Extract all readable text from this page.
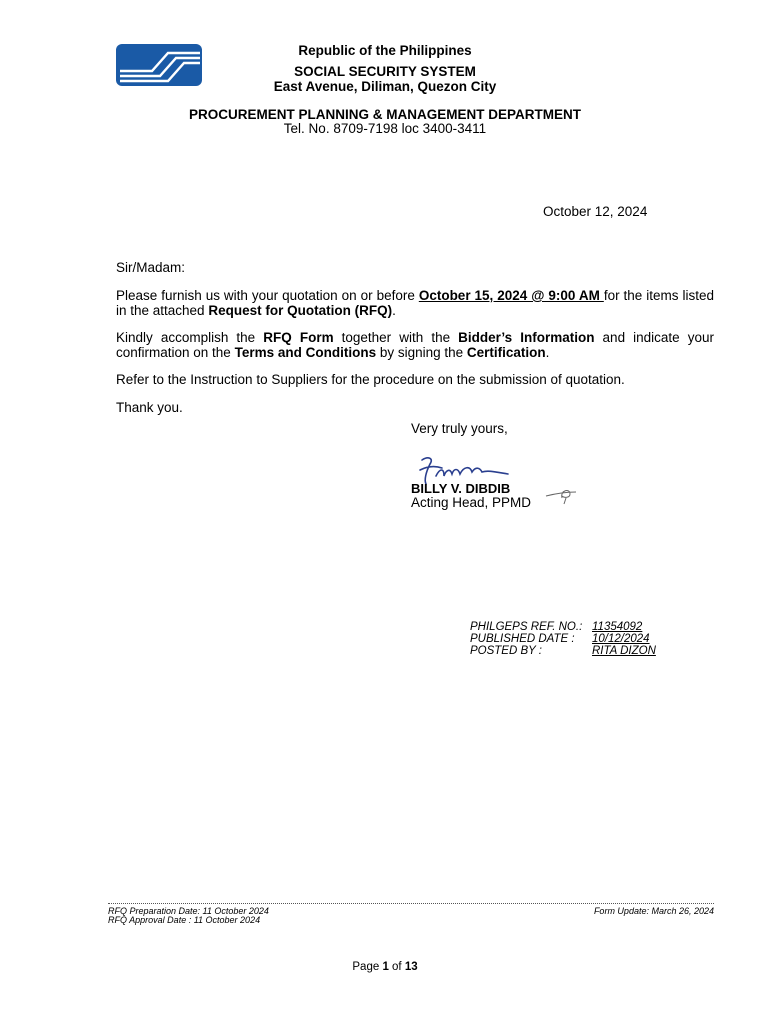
Republic of the Philippines
SOCIAL SECURITY SYSTEM
East Avenue, Diliman, Quezon City
PROCUREMENT PLANNING & MANAGEMENT DEPARTMENT
Tel. No. 8709-7198 loc 3400-3411
October 12, 2024
Sir/Madam:
Please furnish us with your quotation on or before October 15, 2024 @ 9:00 AM for the items listed in the attached Request for Quotation (RFQ).
Kindly accomplish the RFQ Form together with the Bidder’s Information and indicate your confirmation on the Terms and Conditions by signing the Certification.
Refer to the Instruction to Suppliers for the procedure on the submission of quotation.
Thank you.
Very truly yours,
BILLY V. DIBDIB
Acting Head, PPMD
PHILGEPS REF. NO.: 11354092
PUBLISHED DATE : 10/12/2024
POSTED BY :	RITA DIZON
RFQ Preparation Date: 11 October 2024
RFQ Approval Date : 11 October 2024
Form Update: March 26, 2024
Page 1 of 13
